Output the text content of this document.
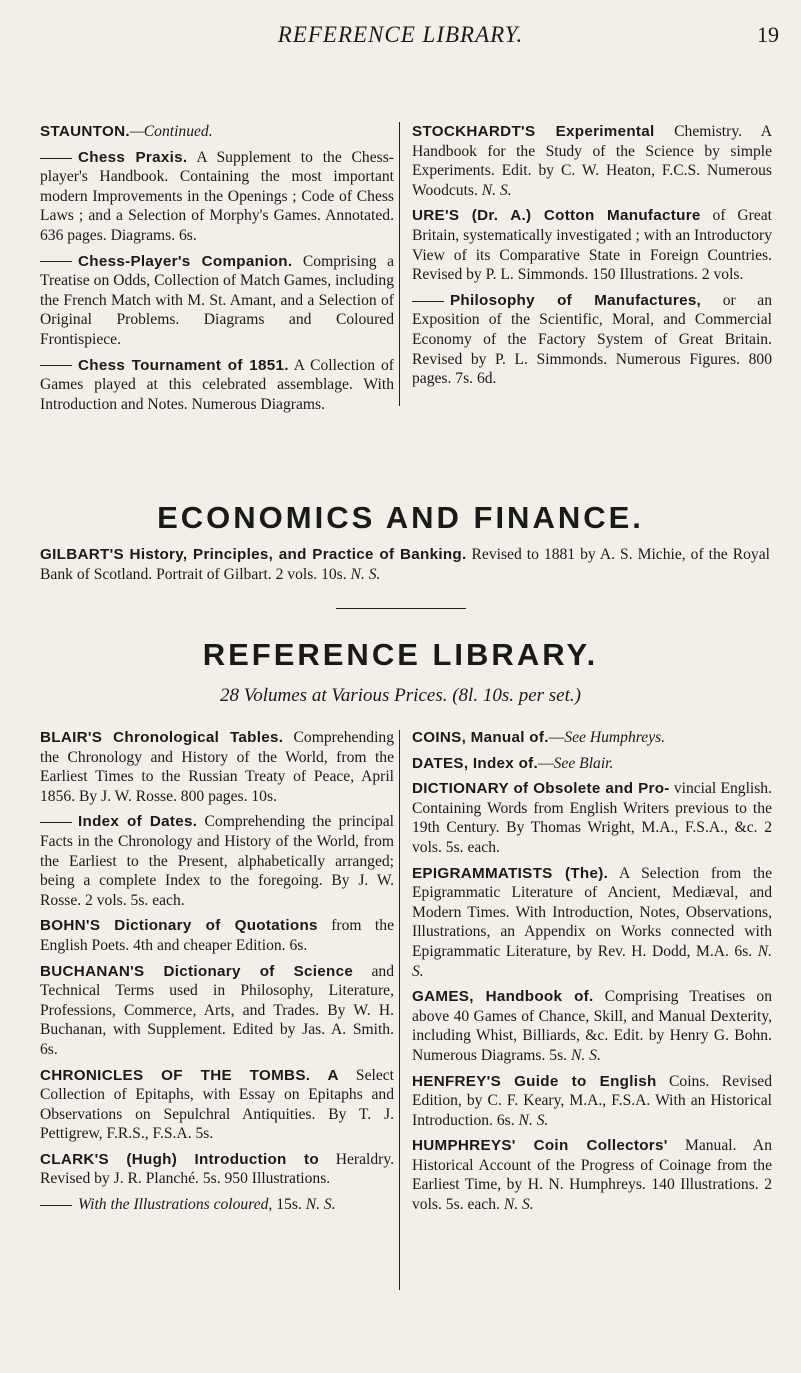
REFERENCE LIBRARY.	19

STAUNTON.—Continued.

Chess Praxis. A Supplement to the Chess-player's Handbook. Containing the most important modern Improvements in the Openings ; Code of Chess Laws ; and a Selection of Morphy's Games. Annotated. 636 pages. Diagrams. 6s.

Chess-Player's Companion. Comprising a Treatise on Odds, Collection of Match Games, including the French Match with M. St. Amant, and a Selection of Original Problems. Diagrams and Coloured Frontispiece.

Chess Tournament of 1851. A Collection of Games played at this celebrated assemblage. With Introduction and Notes. Numerous Diagrams.

STOCKHARDT'S Experimental Chemistry. A Handbook for the Study of the Science by simple Experiments. Edit. by C. W. Heaton, F.C.S. Numerous Woodcuts. N. S.

URE'S (Dr. A.) Cotton Manufacture of Great Britain, systematically investigated ; with an Introductory View of its Comparative State in Foreign Countries. Revised by P. L. Simmonds. 150 Illustrations. 2 vols.

Philosophy of Manufactures, or an Exposition of the Scientific, Moral, and Commercial Economy of the Factory System of Great Britain. Revised by P. L. Simmonds. Numerous Figures. 800 pages. 7s. 6d.

ECONOMICS AND FINANCE.
GILBART'S History, Principles, and Practice of Banking. Revised to 1881 by A. S. Michie, of the Royal Bank of Scotland. Portrait of Gilbart. 2 vols. 10s. N. S.
REFERENCE LIBRARY.
28 Volumes at Various Prices. (8l. 10s. per set.)

BLAIR'S Chronological Tables. Comprehending the Chronology and History of the World, from the Earliest Times to the Russian Treaty of Peace, April 1856. By J. W. Rosse. 800 pages. 10s.

Index of Dates. Comprehending the principal Facts in the Chronology and History of the World, from the Earliest to the Present, alphabetically arranged; being a complete Index to the foregoing. By J. W. Rosse. 2 vols. 5s. each.

BOHN'S Dictionary of Quotations from the English Poets. 4th and cheaper Edition. 6s.

BUCHANAN'S Dictionary of Science and Technical Terms used in Philosophy, Literature, Professions, Commerce, Arts, and Trades. By W. H. Buchanan, with Supplement. Edited by Jas. A. Smith. 6s.

CHRONICLES OF THE TOMBS. A Select Collection of Epitaphs, with Essay on Epitaphs and Observations on Sepulchral Antiquities. By T. J. Pettigrew, F.R.S., F.S.A. 5s.

CLARK'S (Hugh) Introduction to Heraldry. Revised by J. R. Planché. 5s. 950 Illustrations.

With the Illustrations coloured, 15s. N. S.

COINS, Manual of.—See Humphreys.

DATES, Index of.—See Blair.

DICTIONARY of Obsolete and Pro- vincial English. Containing Words from English Writers previous to the 19th Century. By Thomas Wright, M.A., F.S.A., &c. 2 vols. 5s. each.

EPIGRAMMATISTS (The). A Selection from the Epigrammatic Literature of Ancient, Mediæval, and Modern Times. With Introduction, Notes, Observations, Illustrations, an Appendix on Works connected with Epigrammatic Literature, by Rev. H. Dodd, M.A. 6s. N. S.

GAMES, Handbook of. Comprising Treatises on above 40 Games of Chance, Skill, and Manual Dexterity, including Whist, Billiards, &c. Edit. by Henry G. Bohn. Numerous Diagrams. 5s. N. S.

HENFREY'S Guide to English Coins. Revised Edition, by C. F. Keary, M.A., F.S.A. With an Historical Introduction. 6s. N. S.

HUMPHREYS' Coin Collectors' Manual. An Historical Account of the Progress of Coinage from the Earliest Time, by H. N. Humphreys. 140 Illustrations. 2 vols. 5s. each. N. S.
